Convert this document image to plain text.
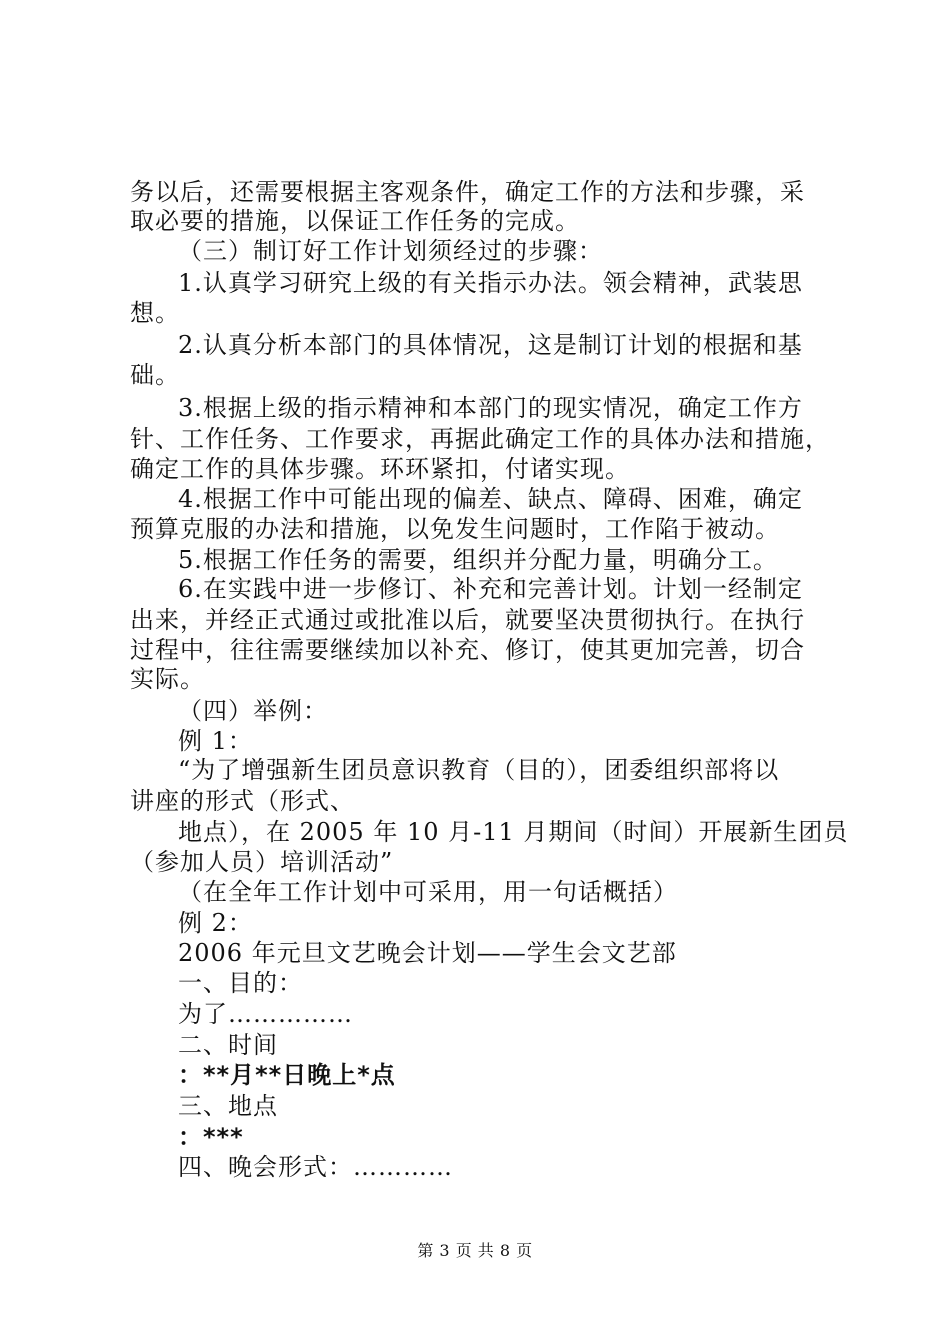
务以后，还需要根据主客观条件，确定工作的方法和步骤，采
取必要的措施，以保证工作任务的完成。
（三）制订好工作计划须经过的步骤：
1.认真学习研究上级的有关指示办法。领会精神，武装思
想。
2.认真分析本部门的具体情况，这是制订计划的根据和基
础。
3.根据上级的指示精神和本部门的现实情况，确定工作方
针、工作任务、工作要求，再据此确定工作的具体办法和措施，
确定工作的具体步骤。环环紧扣，付诸实现。
4.根据工作中可能出现的偏差、缺点、障碍、困难，确定
预算克服的办法和措施，以免发生问题时，工作陷于被动。
5.根据工作任务的需要，组织并分配力量，明确分工。
6.在实践中进一步修订、补充和完善计划。计划一经制定
出来，并经正式通过或批准以后，就要坚决贯彻执行。在执行
过程中，往往需要继续加以补充、修订，使其更加完善，切合
实际。
（四）举例：
例 1：
“为了增强新生团员意识教育（目的），团委组织部将以
讲座的形式（形式、
地点），在 2005 年 10 月-11 月期间（时间）开展新生团员
（参加人员）培训活动”
（在全年工作计划中可采用，用一句话概括）
例 2：
2006 年元旦文艺晚会计划——学生会文艺部
一、目的：
为了……………
二、时间
：**月**日晚上*点
三、地点
：***
四、晚会形式：…………
第 3 页 共 8 页
